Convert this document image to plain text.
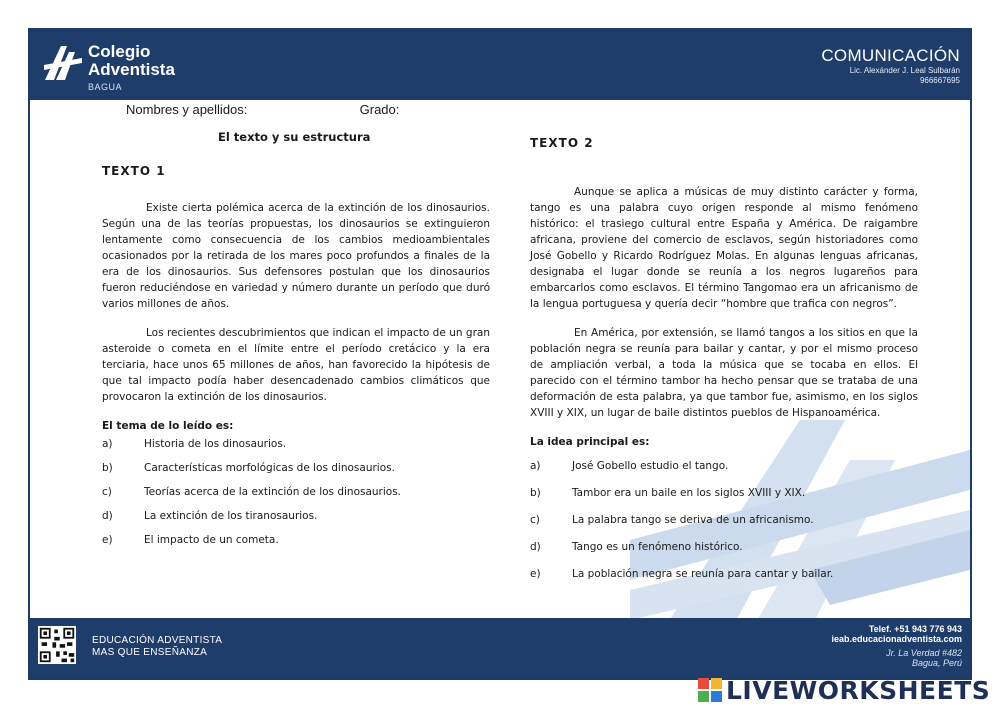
Colegio
Adventista
BAGUA
COMUNICACIÓN
Lic. Alexánder J. Leal Sulbarán
966667695
Nombres y apellidos:	Grado:
El texto y su estructura
TEXTO 1

Existe cierta polémica acerca de la extinción de los dinosaurios. Según una de las teorías propuestas, los dinosaurios se extinguieron lentamente como consecuencia de los cambios medioambientales ocasionados por la retirada de los mares poco profundos a finales de la era de los dinosaurios. Sus defensores postulan que los dinosaurios fueron reduciéndose en variedad y número durante un período que duró varios millones de años.

Los recientes descubrimientos que indican el impacto de un gran asteroide o cometa en el límite entre el período cretácico y la era terciaria, hace unos 65 millones de años, han favorecido la hipótesis de que tal impacto podía haber desencadenado cambios climáticos que provocaron la extinción de los dinosaurios.

El tema de lo leído es:
a)	Historia de los dinosaurios.
b)	Características morfológicas de los dinosaurios.
c)	Teorías acerca de la extinción de los dinosaurios.
d)	La extinción de los tiranosaurios.
e)	El impacto de un cometa.
TEXTO 2

Aunque se aplica a músicas de muy distinto carácter y forma, tango es una palabra cuyo origen responde al mismo fenómeno histórico: el trasiego cultural entre España y América. De raigambre africana, proviene del comercio de esclavos, según historiadores como José Gobello y Ricardo Rodríguez Molas. En algunas lenguas africanas, designaba el lugar donde se reunía a los negros lugareños para embarcarlos como esclavos. El término Tangomao era un africanismo de la lengua portuguesa y quería decir “hombre que trafica con negros”.

En América, por extensión, se llamó tangos a los sitios en que la población negra se reunía para bailar y cantar, y por el mismo proceso de ampliación verbal, a toda la música que se tocaba en ellos. El parecido con el término tambor ha hecho pensar que se trataba de una deformación de esta palabra, ya que tambor fue, asimismo, en los siglos XVIII y XIX, un lugar de baile distintos pueblos de Hispanoamérica.

La idea principal es:
a)	José Gobello estudio el tango.
b)	Tambor era un baile en los siglos XVIII y XIX.
c)	La palabra tango se deriva de un africanismo.
d)	Tango es un fenómeno histórico.
e)	La población negra se reunía para cantar y bailar.
EDUCACIÓN ADVENTISTA
MAS QUE ENSEÑANZA
Telef. +51 943 776 943
ieab.educacionadventista.com
Jr. La Verdad #482
Bagua, Perú
LIVEWORKSHEETS
